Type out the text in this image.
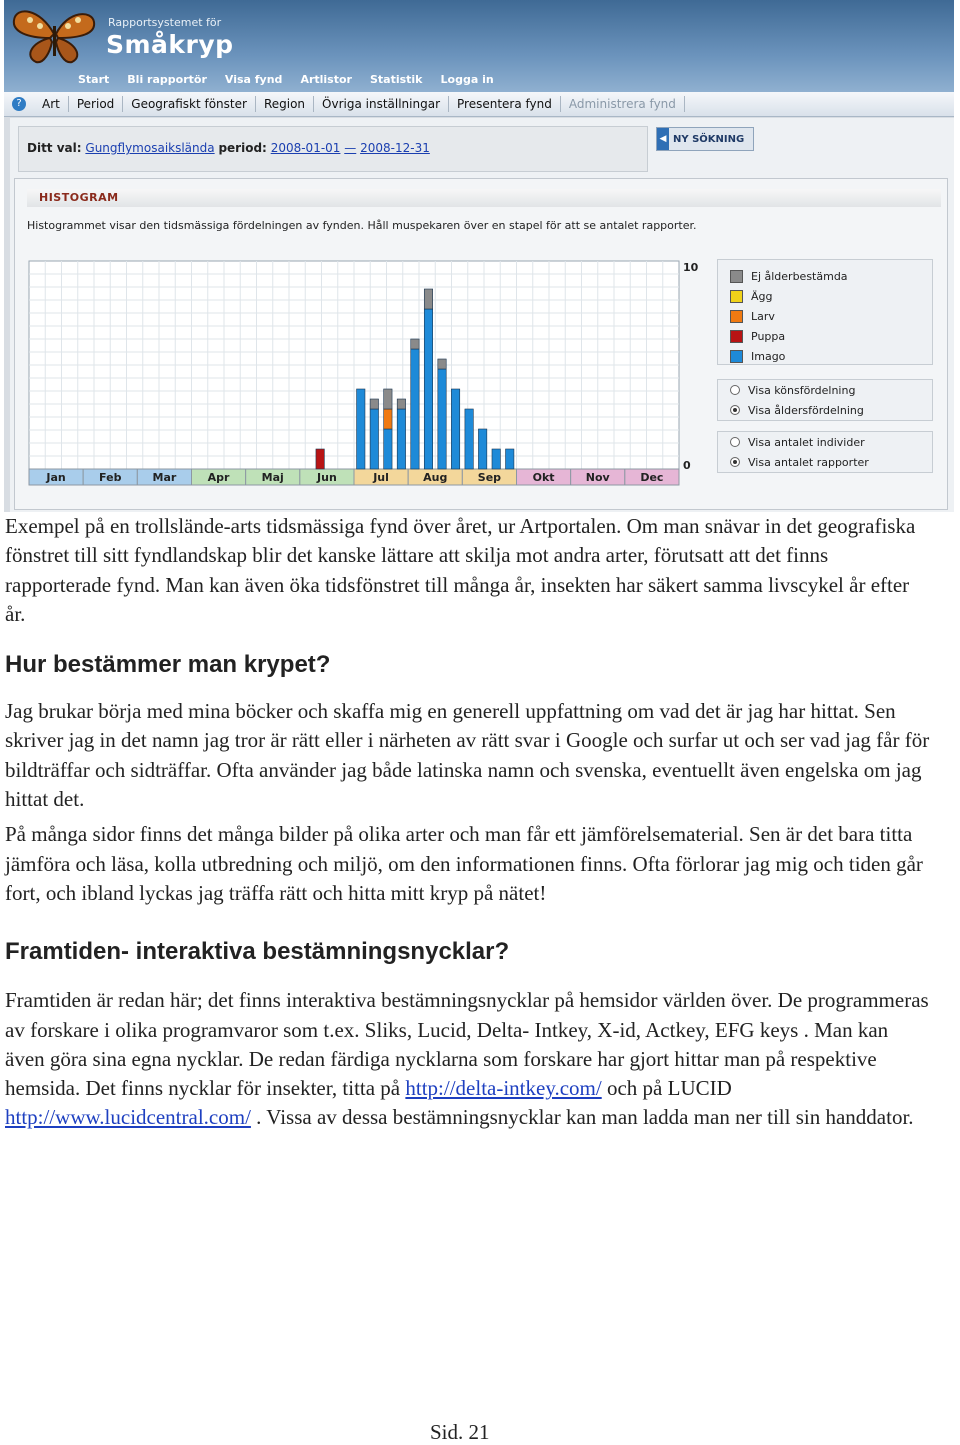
Rapportsystemet för
Småkryp
Start Bli rapportör Visa fynd Artlistor Statistik Logga in
?	Art	Period	Geografiskt fönster	Region	Övriga inställningar	Presentera fynd	Administrera fynd
Ditt val: Gungflymosaikslända period: 2008-01-01 — 2008-12-31
◀ NY SÖKNING
HISTOGRAM
Histogrammet visar den tidsmässiga fördelningen av fynden. Håll muspekaren över en stapel för att se antalet rapporter.
Jan	Feb	Mar	Apr	Maj	Jun	Jul	Aug	Sep	Okt	Nov	Dec
10
0
Ej ålderbestämda
Ägg
Larv
Puppa
Imago
Visa könsfördelning
Visa åldersfördelning
Visa antalet individer
Visa antalet rapporter

Exempel på en trollslände-arts tidsmässiga fynd över året, ur Artportalen. Om man snävar in det geografiska fönstret till sitt fyndlandskap blir det kanske lättare att skilja mot andra arter, förutsatt att det finns rapporterade fynd. Man kan även öka tidsfönstret till många år, insekten har säkert samma livscykel år efter år.

Hur bestämmer man krypet?

Jag brukar börja med mina böcker och skaffa mig en generell uppfattning om vad det är jag har hittat. Sen skriver jag in det namn jag tror är rätt eller i närheten av rätt svar i Google och surfar ut och ser vad jag får för bildträffar och sidträffar. Ofta använder jag både latinska namn och svenska, eventuellt även engelska om jag hittat det.

På många sidor finns det många bilder på olika arter och man får ett jämförelsematerial. Sen är det bara titta jämföra och läsa, kolla utbredning och miljö, om den informationen finns. Ofta förlorar jag mig och tiden går fort, och ibland lyckas jag träffa rätt och hitta mitt kryp på nätet!

Framtiden- interaktiva bestämningsnycklar?

Framtiden är redan här; det finns interaktiva bestämningsnycklar på hemsidor världen över. De programmeras av forskare i olika programvaror som t.ex. Sliks, Lucid, Delta- Intkey, X-id, Actkey, EFG keys . Man kan även göra sina egna nycklar. De redan färdiga nycklarna som forskare har gjort hittar man på respektive hemsida. Det finns nycklar för insekter, titta på http://delta-intkey.com/ och på LUCID http://www.lucidcentral.com/ . Vissa av dessa bestämningsnycklar kan man ladda man ner till sin handdator.

Sid. 21
